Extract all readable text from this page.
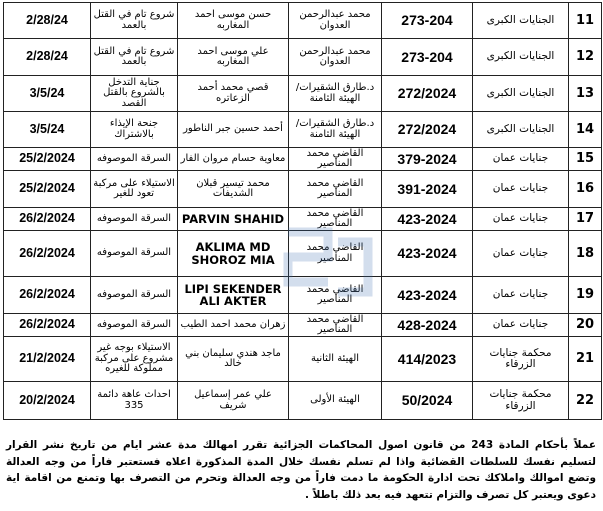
11	الجنايات الكبرى	273-204	محمد عبدالرحمن العدوان	حسن موسى احمد المغاربه	شروع تام في القتل بالعمد	2/28/24
12	الجنايات الكبرى	273-204	محمد عبدالرحمن العدوان	علي موسى احمد المغاربه	شروع تام في القتل بالعمد	2/28/24
13	الجنايات الكبرى	272/2024	د.طارق الشقيرات/الهيئة الثامنة	قصي محمد أحمد الزعاتره	جناية التدخل بالشروع بالقتل القصد	3/5/24
14	الجنايات الكبرى	272/2024	د.طارق الشقيرات/الهيئة الثامنة	أحمد حسين جبر الناطور	جنحة الإيذاء بالاشتراك	3/5/24
15	جنايات عمان	379-2024	القاضي محمد المناصير	معاوية حسام مروان الفار	السرقة الموصوفه	25/2/2024
16	جنايات عمان	391-2024	القاضي محمد المناصير	محمد تيسير قبلان الشديفات	الاستيلاء على مركبة تعود للغير	25/2/2024
17	جنايات عمان	423-2024	القاضي محمد المناصير	PARVIN SHAHID	السرقة الموصوفه	26/2/2024
18	جنايات عمان	423-2024	القاضي محمد المناصير	AKLIMA MD SHOROZ MIA	السرقة الموصوفه	26/2/2024
19	جنايات عمان	423-2024	القاضي محمد المناصير	LIPI SEKENDER ALI AKTER	السرقة الموصوفه	26/2/2024
20	جنايات عمان	428-2024	القاضي محمد المناصير	زهران محمد احمد الطيب	السرقة الموصوفه	26/2/2024
21	محكمة جنايات الزرقاء	414/2023	الهيئة الثانية	ماجد هندي سليمان بني خالد	الاستيلاء بوجه غير مشروع على مركبة مملوكة للغيره	21/2/2024
22	محكمة جنايات الزرقاء	50/2024	الهيئة الأولى	علي عمر إسماعيل شريف	احداث عاهة دائمة 335	20/2/2024
عملاً بأحكام المادة 243 من قانون اصول المحاكمات الجزائية تقرر امهالك مدة عشر ايام من تاريخ نشر القرار لتسليم نفسك للسلطات القضائية واذا لم تسلم نفسك خلال المدة المذكورة اعلاه فستعتبر فاراً من وجه العدالة وتضع اموالك واملاكك تحت ادارة الحكومة ما دمت فاراً من وجه العدالة وتحرم من التصرف بها وتمنع من اقامة اية دعوى ويعتبر كل تصرف والتزام تتعهد فيه بعد ذلك باطلاً .
